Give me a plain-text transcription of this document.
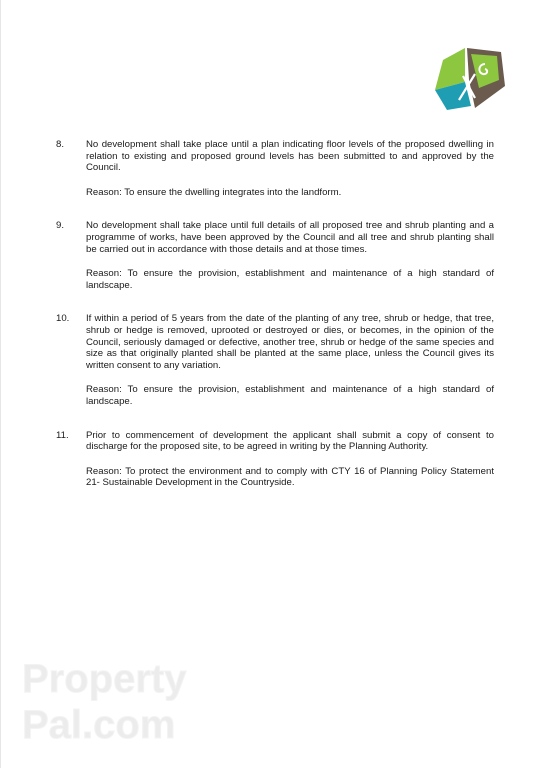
8.	No development shall take place until a plan indicating floor levels of the proposed dwelling in relation to existing and proposed ground levels has been submitted to and approved by the Council.

Reason: To ensure the dwelling integrates into the landform.

9.	No development shall take place until full details of all proposed tree and shrub planting and a programme of works, have been approved by the Council and all tree and shrub planting shall be carried out in accordance with those details and at those times.

Reason: To ensure the provision, establishment and maintenance of a high standard of landscape.

10.	If within a period of 5 years from the date of the planting of any tree, shrub or hedge, that tree, shrub or hedge is removed, uprooted or destroyed or dies, or becomes, in the opinion of the Council, seriously damaged or defective, another tree, shrub or hedge of the same species and size as that originally planted shall be planted at the same place, unless the Council gives its written consent to any variation.

Reason: To ensure the provision, establishment and maintenance of a high standard of landscape.

11.	Prior to commencement of development the applicant shall submit a copy of consent to discharge for the proposed site, to be agreed in writing by the Planning Authority.

Reason: To protect the environment and to comply with CTY 16 of Planning Policy Statement 21- Sustainable Development in the Countryside.

Property
Pal.com
